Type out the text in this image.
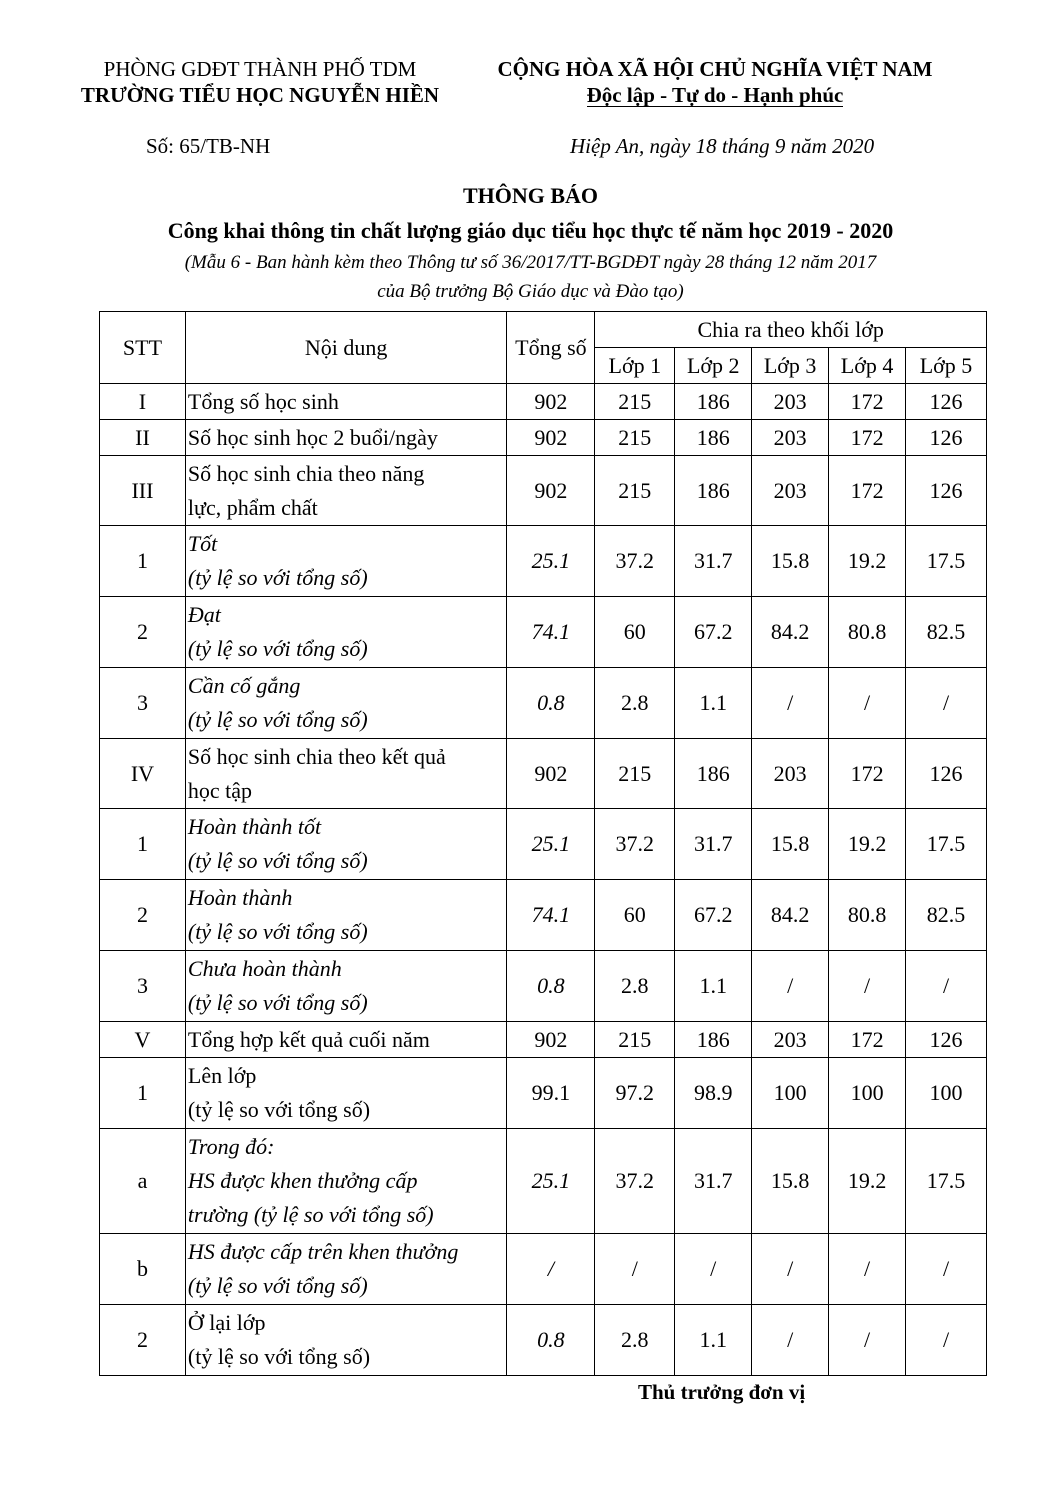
PHÒNG GDĐT THÀNH PHỐ TDM
TRƯỜNG TIỂU HỌC NGUYỄN HIỀN
CỘNG HÒA XÃ HỘI CHỦ NGHĨA VIỆT NAM
Độc lập - Tự do - Hạnh phúc
Số: 65/TB-NH	Hiệp An, ngày 18 tháng 9 năm 2020
THÔNG BÁO
Công khai thông tin chất lượng giáo dục tiểu học thực tế năm học 2019 - 2020
(Mẫu 6 - Ban hành kèm theo Thông tư số 36/2017/TT-BGDĐT ngày 28 tháng 12 năm 2017
của Bộ trưởng Bộ Giáo dục và Đào tạo)
STT	Nội dung	Tổng số	Chia ra theo khối lớp				
			Lớp 1	Lớp 2	Lớp 3	Lớp 4	Lớp 5
I	Tổng số học sinh	902	215	186	203	172	126
II	Số học sinh học 2 buổi/ngày	902	215	186	203	172	126
III	Số học sinh chia theo năng
lực, phẩm chất	902	215	186	203	172	126
1	Tốt
(tỷ lệ so với tổng số)	25.1	37.2	31.7	15.8	19.2	17.5
2	Đạt
(tỷ lệ so với tổng số)	74.1	60	67.2	84.2	80.8	82.5
3	Cần cố gắng
(tỷ lệ so với tổng số)	0.8	2.8	1.1	/	/	/
IV	Số học sinh chia theo kết quả
học tập	902	215	186	203	172	126
1	Hoàn thành tốt
(tỷ lệ so với tổng số)	25.1	37.2	31.7	15.8	19.2	17.5
2	Hoàn thành
(tỷ lệ so với tổng số)	74.1	60	67.2	84.2	80.8	82.5
3	Chưa hoàn thành
(tỷ lệ so với tổng số)	0.8	2.8	1.1	/	/	/
V	Tổng hợp kết quả cuối năm	902	215	186	203	172	126
1	Lên lớp
(tỷ lệ so với tổng số)	99.1	97.2	98.9	100	100	100
a	Trong đó:
HS được khen thưởng cấp
trường (tỷ lệ so với tổng số)	25.1	37.2	31.7	15.8	19.2	17.5
b	HS được cấp trên khen thưởng
(tỷ lệ so với tổng số)	/	/	/	/	/	/
2	Ở lại lớp
(tỷ lệ so với tổng số)	0.8	2.8	1.1	/	/	/
Thủ trưởng đơn vị
